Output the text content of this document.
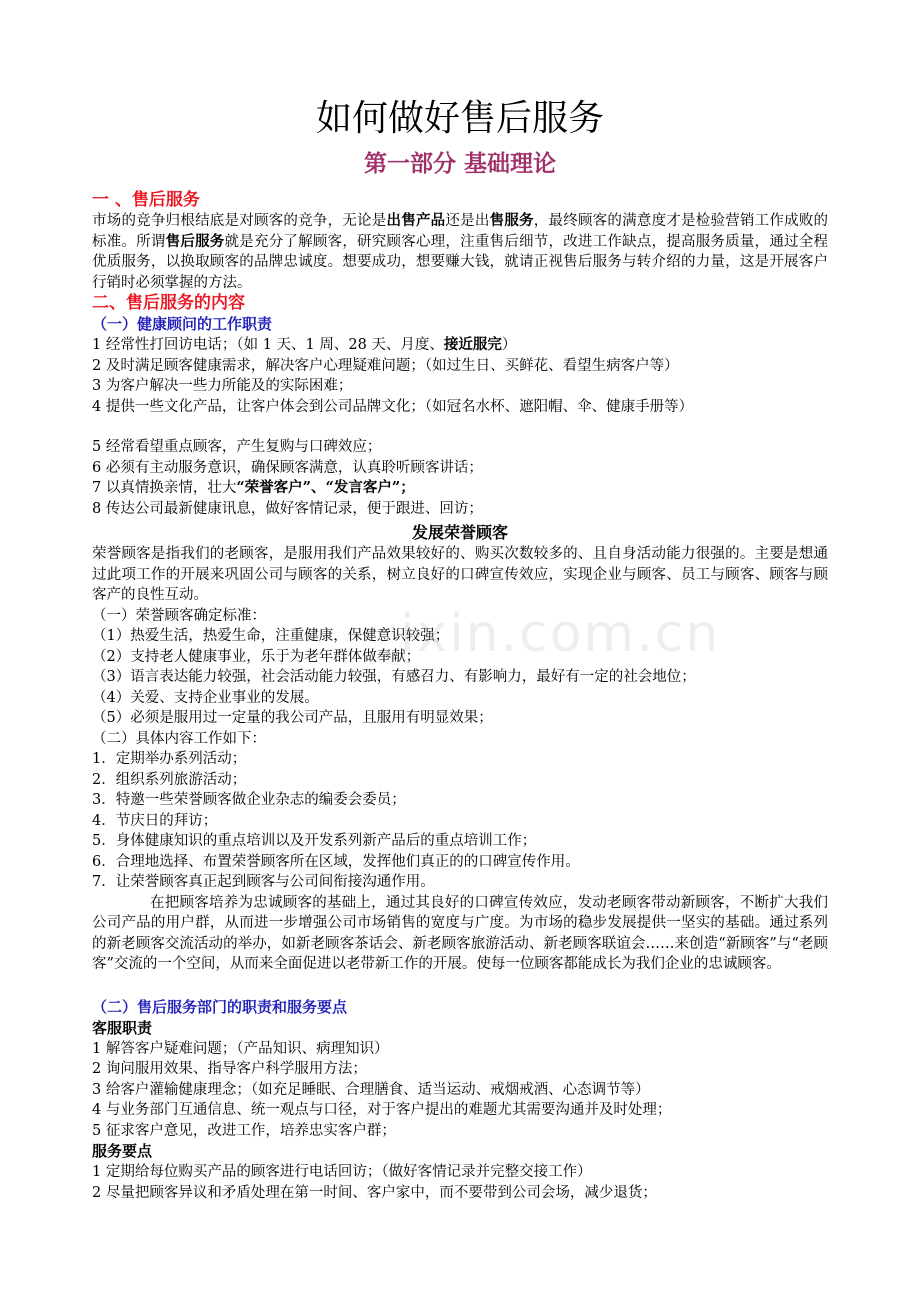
如何做好售后服务
第一部分 基础理论
一 、售后服务

市场的竞争归根结底是对顾客的竞争，无论是出售产品还是出售服务，最终顾客的满意度才是检验营销工作成败的标准。所谓售后服务就是充分了解顾客，研究顾客心理，注重售后细节，改进工作缺点，提高服务质量，通过全程优质服务，以换取顾客的品牌忠诚度。想要成功，想要赚大钱，就请正视售后服务与转介绍的力量，这是开展客户行销时必须掌握的方法。

二、售后服务的内容
（一）健康顾问的工作职责

1 经常性打回访电话；（如 1 天、1 周、28 天、月度、接近服完）

2 及时满足顾客健康需求，解决客户心理疑难问题；（如过生日、买鲜花、看望生病客户等）

3 为客户解决一些力所能及的实际困难；

4 提供一些文化产品，让客户体会到公司品牌文化；（如冠名水杯、遮阳帽、伞、健康手册等）

5 经常看望重点顾客，产生复购与口碑效应；

6 必须有主动服务意识，确保顾客满意，认真聆听顾客讲话；

7 以真情换亲情，壮大“荣誉客户”、“发言客户”；

8 传达公司最新健康讯息，做好客情记录，便于跟进、回访；

发展荣誉顾客

荣誉顾客是指我们的老顾客，是服用我们产品效果较好的、购买次数较多的、且自身活动能力很强的。主要是想通过此项工作的开展来巩固公司与顾客的关系，树立良好的口碑宣传效应，实现企业与顾客、员工与顾客、顾客与顾客产的良性互动。

（一）荣誉顾客确定标准：

（1）热爱生活，热爱生命，注重健康，保健意识较强；

（2）支持老人健康事业，乐于为老年群体做奉献；

（3）语言表达能力较强，社会活动能力较强，有感召力、有影响力，最好有一定的社会地位；

（4）关爱、支持企业事业的发展。

（5）必须是服用过一定量的我公司产品，且服用有明显效果；

（二）具体内容工作如下：

1．定期举办系列活动；

2．组织系列旅游活动；

3．特邀一些荣誉顾客做企业杂志的编委会委员；

4．节庆日的拜访；

5．身体健康知识的重点培训以及开发系列新产品后的重点培训工作；

6．合理地选择、布置荣誉顾客所在区域，发挥他们真正的的口碑宣传作用。

7．让荣誉顾客真正起到顾客与公司间衔接沟通作用。

在把顾客培养为忠诚顾客的基础上，通过其良好的口碑宣传效应，发动老顾客带动新顾客，不断扩大我们公司产品的用户群，从而进一步增强公司市场销售的宽度与广度。为市场的稳步发展提供一坚实的基础。通过系列的新老顾客交流活动的举办，如新老顾客茶话会、新老顾客旅游活动、新老顾客联谊会……来创造“新顾客”与“老顾客”交流的一个空间，从而来全面促进以老带新工作的开展。使每一位顾客都能成长为我们企业的忠诚顾客。

（二）售后服务部门的职责和服务要点
客服职责

1 解答客户疑难问题；（产品知识、病理知识）

2 询问服用效果、指导客户科学服用方法；

3 给客户灌输健康理念；（如充足睡眠、合理膳食、适当运动、戒烟戒酒、心态调节等）

4 与业务部门互通信息、统一观点与口径，对于客户提出的难题尤其需要沟通并及时处理；

5 征求客户意见，改进工作，培养忠实客户群；

服务要点

1 定期给每位购买产品的顾客进行电话回访；（做好客情记录并完整交接工作）

2 尽量把顾客异议和矛盾处理在第一时间、客户家中，而不要带到公司会场，减少退货；

ixin.com.cn
